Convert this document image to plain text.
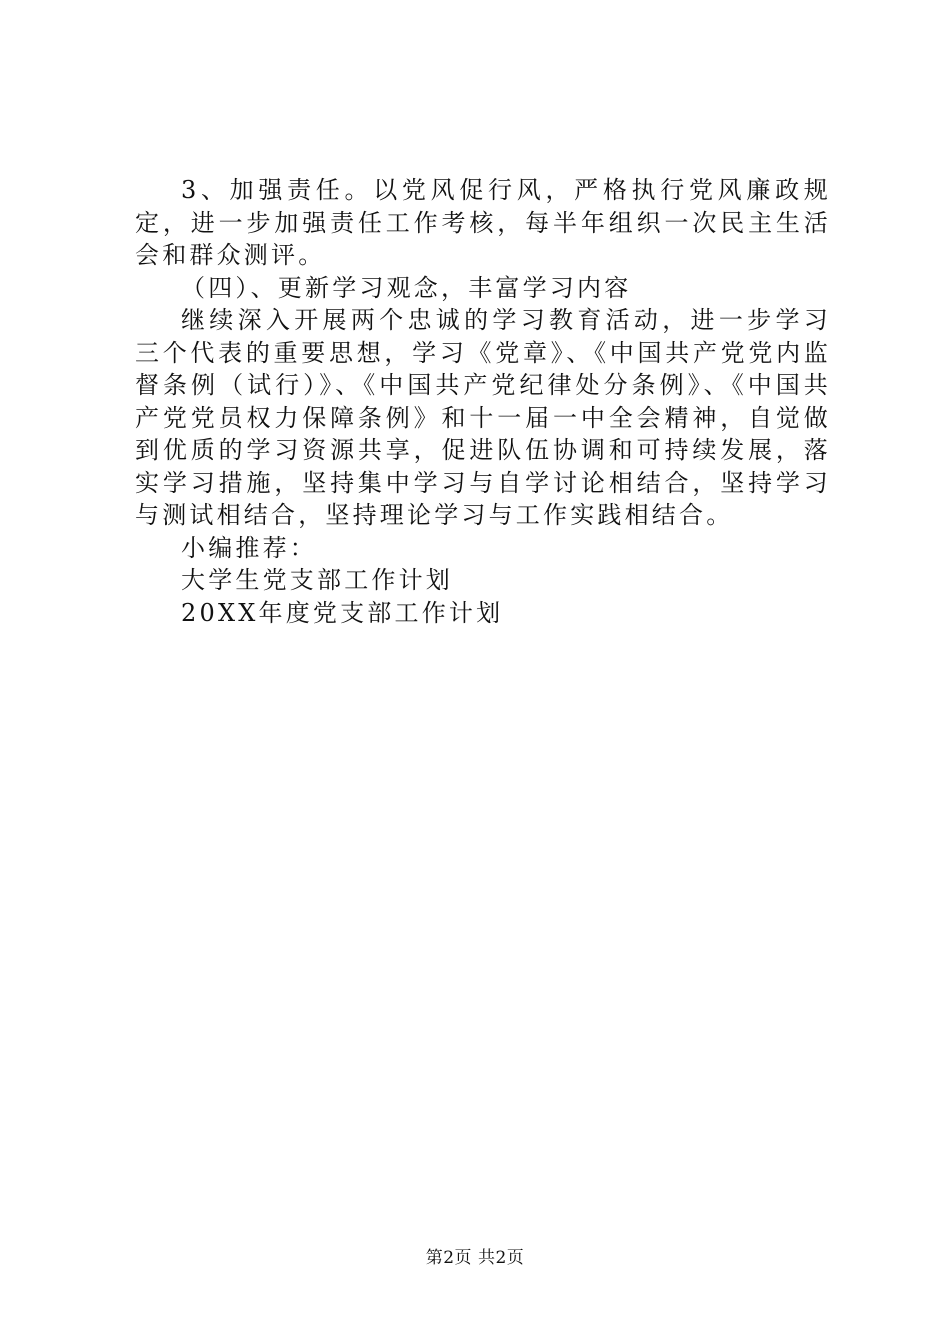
3、加强责任。以党风促行风，严格执行党风廉政规定，进一步加强责任工作考核，每半年组织一次民主生活会和群众测评。

（四）、更新学习观念，丰富学习内容

继续深入开展两个忠诚的学习教育活动，进一步学习三个代表的重要思想，学习《党章》、《中国共产党党内监督条例（试行）》、《中国共产党纪律处分条例》、《中国共产党党员权力保障条例》和十一届一中全会精神，自觉做到优质的学习资源共享，促进队伍协调和可持续发展，落实学习措施，坚持集中学习与自学讨论相结合，坚持学习与测试相结合，坚持理论学习与工作实践相结合。

小编推荐：

大学生党支部工作计划

20XX年度党支部工作计划

第2页 共2页
